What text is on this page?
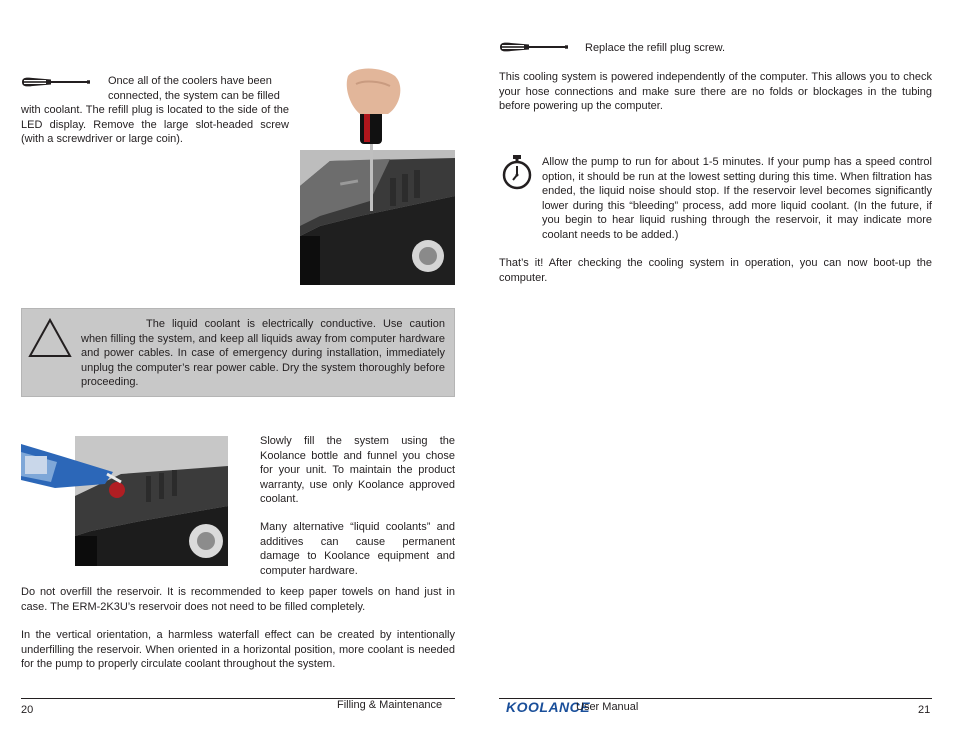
Once all of the coolers have been connected, the system can be filled
with coolant. The refill plug is located to the side of the LED display. Remove the large slot-headed screw (with a screwdriver or large coin).
The liquid coolant is electrically conductive. Use caution when filling the system, and keep all liquids away from computer hardware and power cables. In case of emergency during installation, immediately unplug the computer’s rear power cable. Dry the system thoroughly before proceeding.
Slowly fill the system using the Koolance bottle and funnel you chose for your unit. To maintain the product warranty, use only Koolance approved coolant.
Many alternative “liquid coolants” and additives can cause permanent damage to Koolance equipment and computer hardware.
Do not overfill the reservoir. It is recommended to keep paper towels on hand just in case. The ERM-2K3U’s reservoir does not need to be filled completely.
In the vertical orientation, a harmless waterfall effect can be created by intentionally underfilling the reservoir. When oriented in a horizontal position, more coolant is needed for the pump to properly circulate coolant throughout the system.
20	Filling & Maintenance
Replace the refill plug screw.
This cooling system is powered independently of the computer. This allows you to check your hose connections and make sure there are no folds or blockages in the tubing before powering up the computer.
Allow the pump to run for about 1-5 minutes. If your pump has a speed control option, it should be run at the lowest setting during this time. When filtration has ended, the liquid noise should stop. If the reservoir level becomes significantly lower during this “bleeding” process, add more liquid coolant. (In the future, if you begin to hear liquid rushing through the reservoir, it may indicate more coolant needs to be added.)
That’s it! After checking the cooling system in operation, you can now boot-up the computer.
KOOLANCE
User Manual	21
